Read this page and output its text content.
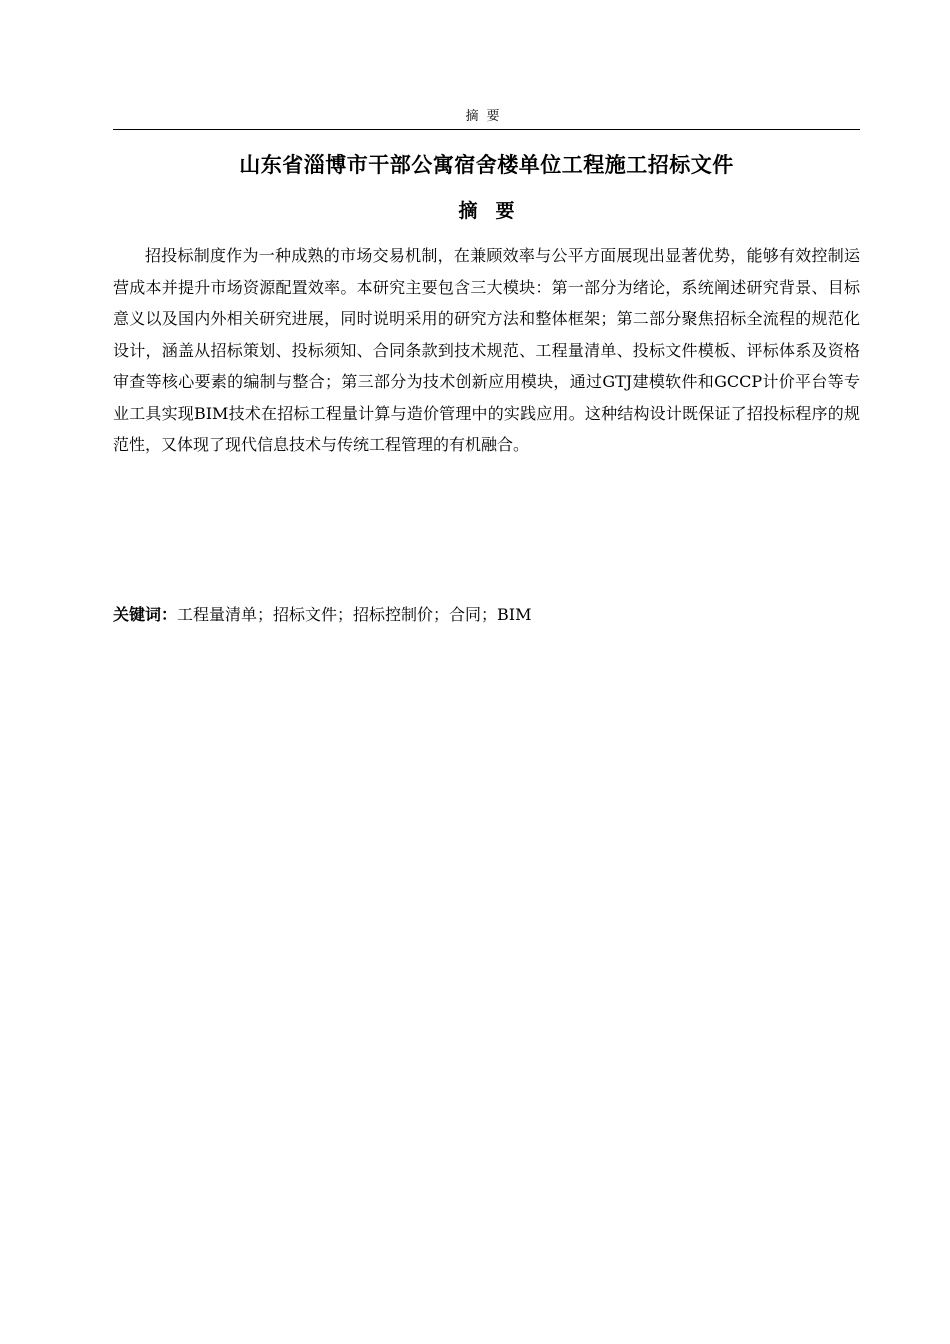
摘要
山东省淄博市干部公寓宿舍楼单位工程施工招标文件
摘要

招投标制度作为一种成熟的市场交易机制，在兼顾效率与公平方面展现出显著优势，能够有效控制运营成本并提升市场资源配置效率。本研究主要包含三大模块：第一部分为绪论，系统阐述研究背景、目标意义以及国内外相关研究进展，同时说明采用的研究方法和整体框架；第二部分聚焦招标全流程的规范化设计，涵盖从招标策划、投标须知、合同条款到技术规范、工程量清单、投标文件模板、评标体系及资格审查等核心要素的编制与整合；第三部分为技术创新应用模块，通过GTJ建模软件和GCCP计价平台等专业工具实现BIM技术在招标工程量计算与造价管理中的实践应用。这种结构设计既保证了招投标程序的规范性，又体现了现代信息技术与传统工程管理的有机融合。

关键词：工程量清单；招标文件；招标控制价；合同；BIM
